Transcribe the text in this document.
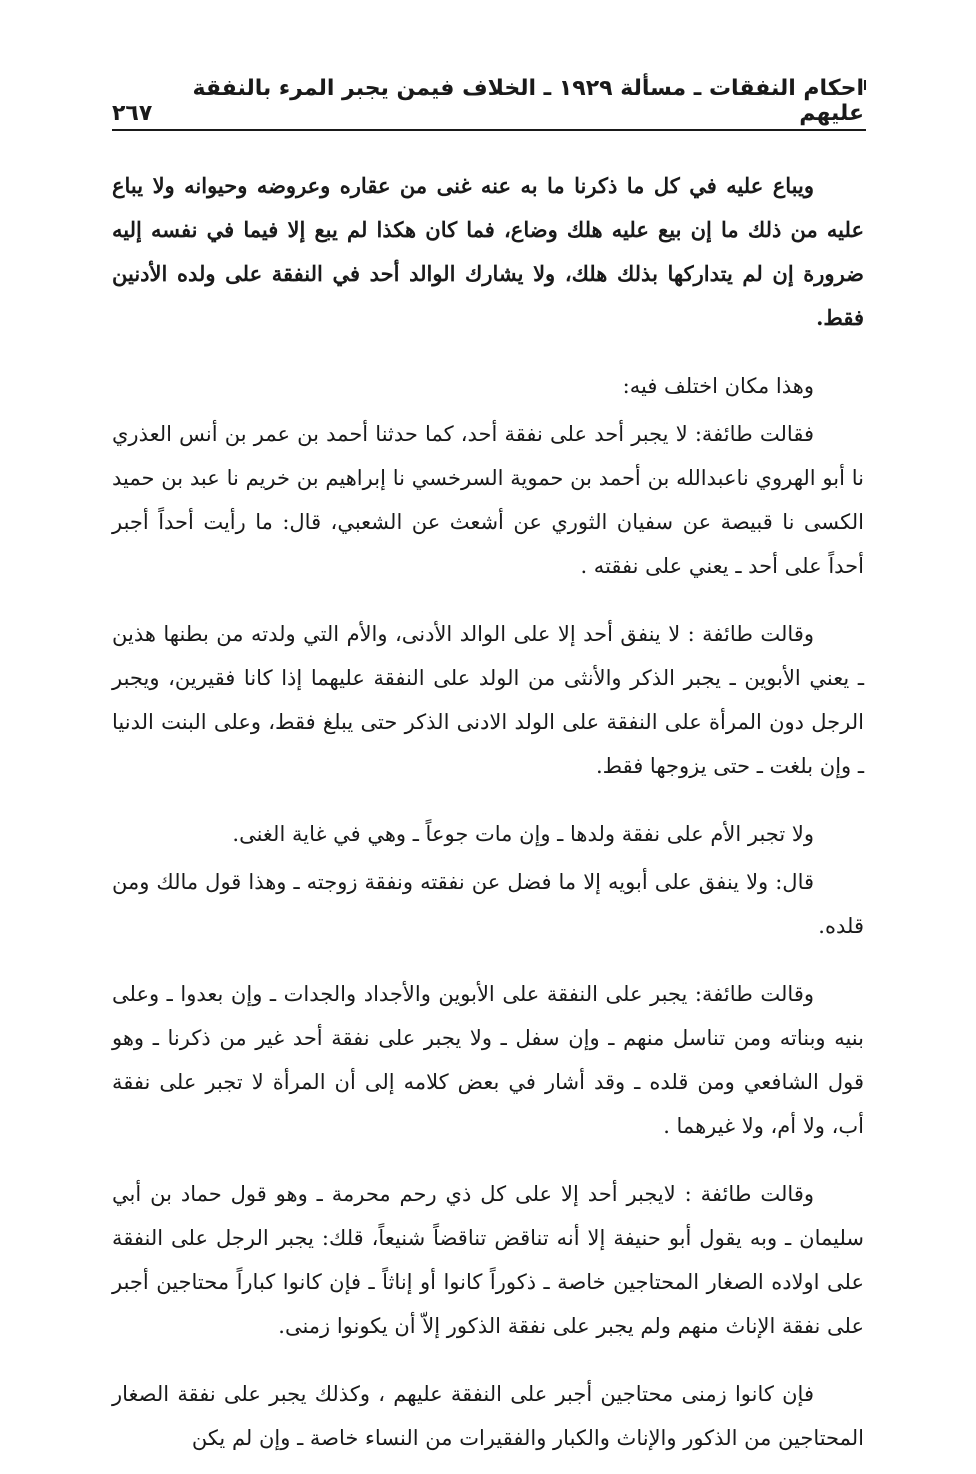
احكام النفقات ـ مسألة ١٩٢٩ ـ الخلاف فيمن يجبر المرء بالنفقة عليهم
٢٦٧

ويباع عليه في كل ما ذكرنا ما به عنه غنى من عقاره وعروضه وحيوانه ولا يباع عليه من ذلك ما إن بيع عليه هلك وضاع، فما كان هكذا لم يبع إلا فيما في نفسه إليه ضرورة إن لم يتداركها بذلك هلك، ولا يشارك الوالد أحد في النفقة على ولده الأدنين فقط.

وهذا مكان اختلف فيه:

فقالت طائفة: لا يجبر أحد على نفقة أحد، كما حدثنا أحمد بن عمر بن أنس العذري نا أبو الهروي ناعبدالله بن أحمد بن حموية السرخسي نا إبراهيم بن خريم نا عبد بن حميد الكسى نا قبيصة عن سفيان الثوري عن أشعث عن الشعبي، قال: ما رأيت أحداً أجبر أحداً على أحد ـ يعني على نفقته .

وقالت طائفة : لا ينفق أحد إلا على الوالد الأدنى، والأم التي ولدته من بطنها هذين ـ يعني الأبوين ـ يجبر الذكر والأنثى من الولد على النفقة عليهما إذا كانا فقيرين، ويجبر الرجل دون المرأة على النفقة على الولد الادنى الذكر حتى يبلغ فقط، وعلى البنت الدنيا ـ وإن بلغت ـ حتى يزوجها فقط.

ولا تجبر الأم على نفقة ولدها ـ وإن مات جوعاً ـ وهي في غاية الغنى.

قال: ولا ينفق على أبويه إلا ما فضل عن نفقته ونفقة زوجته ـ وهذا قول مالك ومن قلده.

وقالت طائفة: يجبر على النفقة على الأبوين والأجداد والجدات ـ وإن بعدوا ـ وعلى بنيه وبناته ومن تناسل منهم ـ وإن سفل ـ ولا يجبر على نفقة أحد غير من ذكرنا ـ وهو قول الشافعي ومن قلده ـ وقد أشار في بعض كلامه إلى أن المرأة لا تجبر على نفقة أب، ولا أم، ولا غيرهما .

وقالت طائفة : لايجبر أحد إلا على كل ذي رحم محرمة ـ وهو قول حماد بن أبي سليمان ـ وبه يقول أبو حنيفة إلا أنه تناقض تناقضاً شنيعاً، قلك: يجبر الرجل على النفقة على اولاده الصغار المحتاجين خاصة ـ ذكوراً كانوا أو إناثاً ـ فإن كانوا كباراً محتاجين أجبر على نفقة الإناث منهم ولم يجبر على نفقة الذكور إلاّ أن يكونوا زمنى.

فإن كانوا زمنى محتاجين أجبر على النفقة عليهم ، وكذلك يجبر على نفقة الصغار المحتاجين من الذكور والإناث والكبار والفقيرات من النساء خاصة ـ وإن لم يكن
